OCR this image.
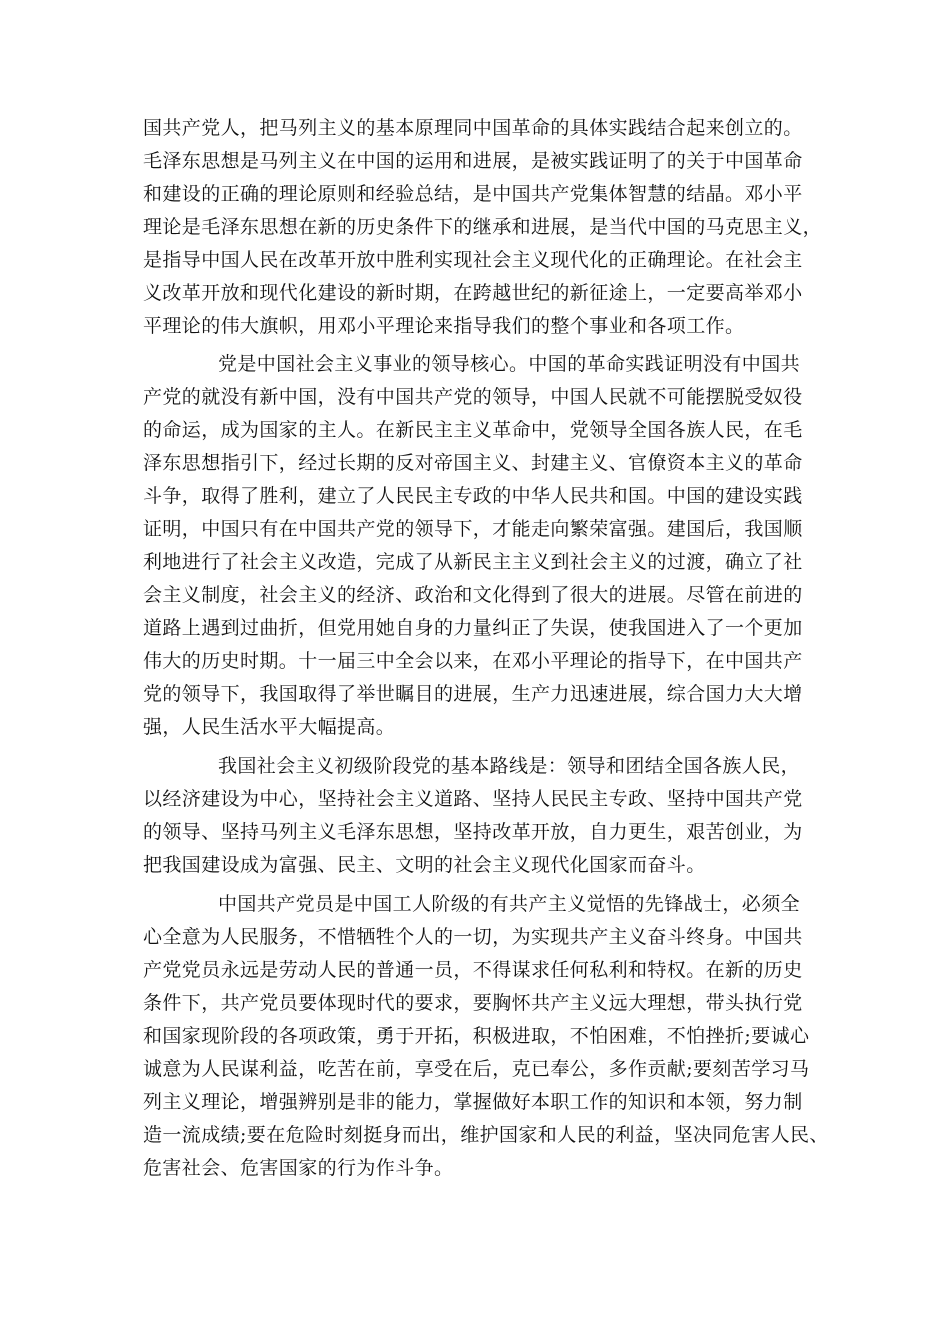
国共产党人，把马列主义的基本原理同中国革命的具体实践结合起来创立的。
毛泽东思想是马列主义在中国的运用和进展，是被实践证明了的关于中国革命
和建设的正确的理论原则和经验总结，是中国共产党集体智慧的结晶。邓小平
理论是毛泽东思想在新的历史条件下的继承和进展，是当代中国的马克思主义，
是指导中国人民在改革开放中胜利实现社会主义现代化的正确理论。在社会主
义改革开放和现代化建设的新时期，在跨越世纪的新征途上，一定要高举邓小
平理论的伟大旗帜，用邓小平理论来指导我们的整个事业和各项工作。
党是中国社会主义事业的领导核心。中国的革命实践证明没有中国共
产党的就没有新中国，没有中国共产党的领导，中国人民就不可能摆脱受奴役
的命运，成为国家的主人。在新民主主义革命中，党领导全国各族人民，在毛
泽东思想指引下，经过长期的反对帝国主义、封建主义、官僚资本主义的革命
斗争，取得了胜利，建立了人民民主专政的中华人民共和国。中国的建设实践
证明，中国只有在中国共产党的领导下，才能走向繁荣富强。建国后，我国顺
利地进行了社会主义改造，完成了从新民主主义到社会主义的过渡，确立了社
会主义制度，社会主义的经济、政治和文化得到了很大的进展。尽管在前进的
道路上遇到过曲折，但党用她自身的力量纠正了失误，使我国进入了一个更加
伟大的历史时期。十一届三中全会以来，在邓小平理论的指导下，在中国共产
党的领导下，我国取得了举世瞩目的进展，生产力迅速进展，综合国力大大增
强，人民生活水平大幅提高。
我国社会主义初级阶段党的基本路线是：领导和团结全国各族人民，
以经济建设为中心，坚持社会主义道路、坚持人民民主专政、坚持中国共产党
的领导、坚持马列主义毛泽东思想，坚持改革开放，自力更生，艰苦创业，为
把我国建设成为富强、民主、文明的社会主义现代化国家而奋斗。
中国共产党员是中国工人阶级的有共产主义觉悟的先锋战士，必须全
心全意为人民服务，不惜牺牲个人的一切，为实现共产主义奋斗终身。中国共
产党党员永远是劳动人民的普通一员，不得谋求任何私利和特权。在新的历史
条件下，共产党员要体现时代的要求，要胸怀共产主义远大理想，带头执行党
和国家现阶段的各项政策，勇于开拓，积极进取，不怕困难，不怕挫折;要诚心
诚意为人民谋利益，吃苦在前，享受在后，克已奉公，多作贡献;要刻苦学习马
列主义理论，增强辨别是非的能力，掌握做好本职工作的知识和本领，努力制
造一流成绩;要在危险时刻挺身而出，维护国家和人民的利益，坚决同危害人民、
危害社会、危害国家的行为作斗争。
